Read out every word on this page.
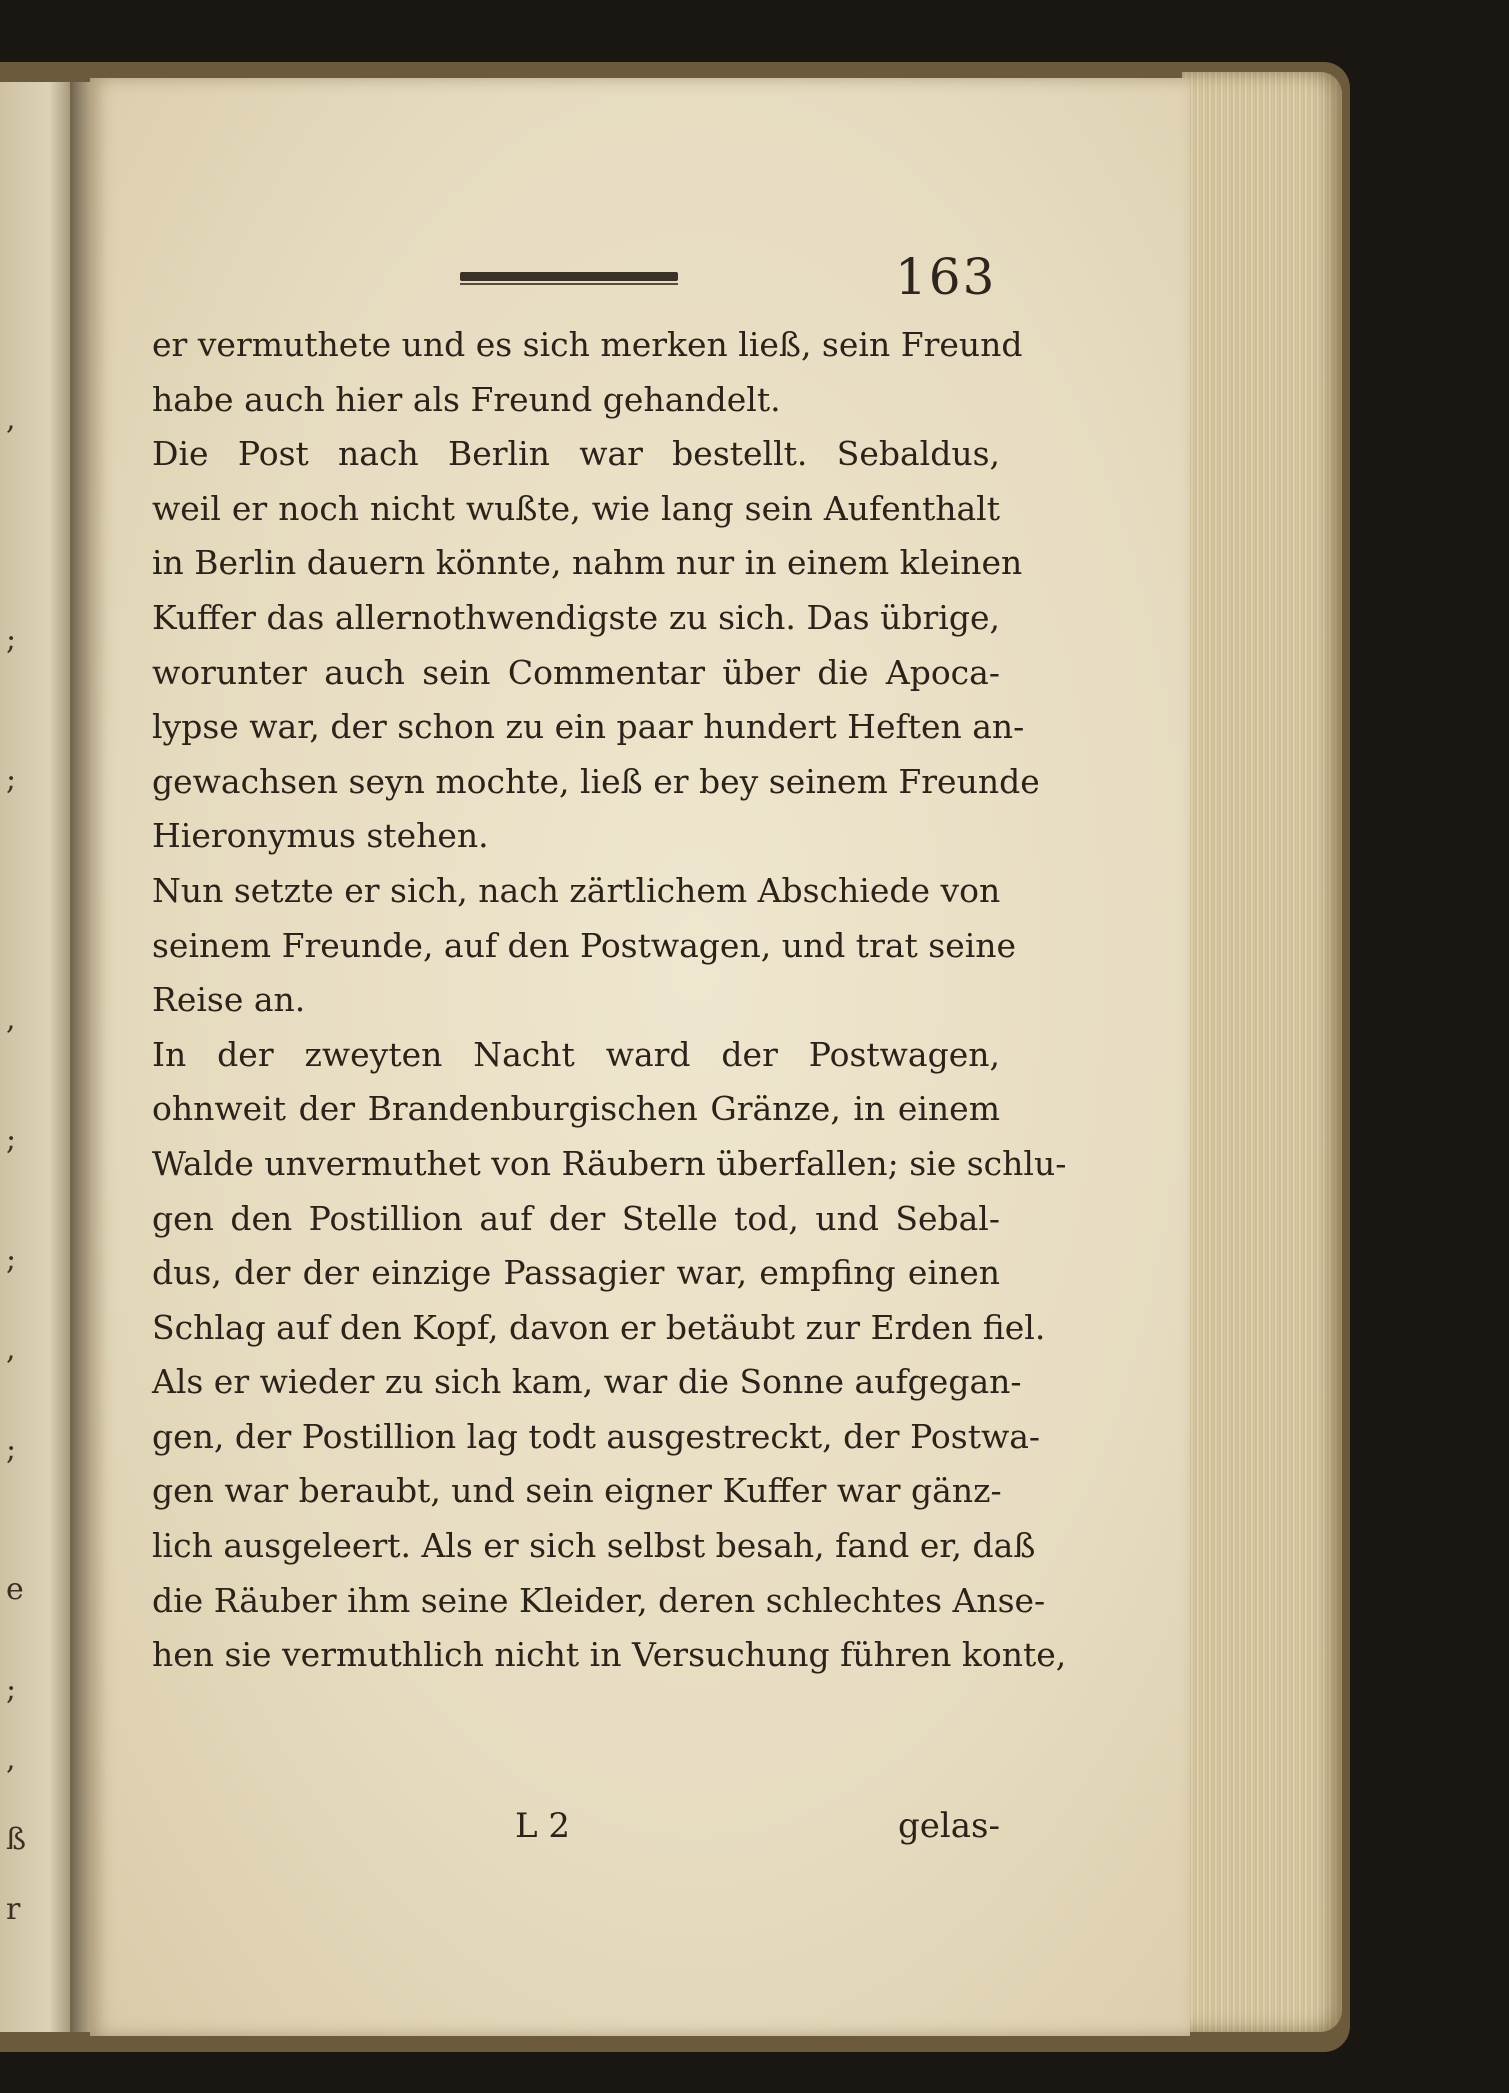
,
;
;
,
;
;
,
;
e
;
,
ß
r
163
er vermuthete und es sich merken ließ, sein Freund
habe auch hier als Freund gehandelt.
Die Post nach Berlin war bestellt. Sebaldus,
weil er noch nicht wußte, wie lang sein Aufenthalt
in Berlin dauern könnte, nahm nur in einem kleinen
Kuffer das allernothwendigste zu sich. Das übrige,
worunter auch sein Commentar über die Apoca-
lypse war, der schon zu ein paar hundert Heften an-
gewachsen seyn mochte, ließ er bey seinem Freunde
Hieronymus stehen.
Nun setzte er sich, nach zärtlichem Abschiede von
seinem Freunde, auf den Postwagen, und trat seine
Reise an.
In der zweyten Nacht ward der Postwagen,
ohnweit der Brandenburgischen Gränze, in einem
Walde unvermuthet von Räubern überfallen; sie schlu-
gen den Postillion auf der Stelle tod, und Sebal-
dus, der der einzige Passagier war, empfing einen
Schlag auf den Kopf, davon er betäubt zur Erden fiel.
Als er wieder zu sich kam, war die Sonne aufgegan-
gen, der Postillion lag todt ausgestreckt, der Postwa-
gen war beraubt, und sein eigner Kuffer war gänz-
lich ausgeleert. Als er sich selbst besah, fand er, daß
die Räuber ihm seine Kleider, deren schlechtes Anse-
hen sie vermuthlich nicht in Versuchung führen konte,
L 2	gelas-
